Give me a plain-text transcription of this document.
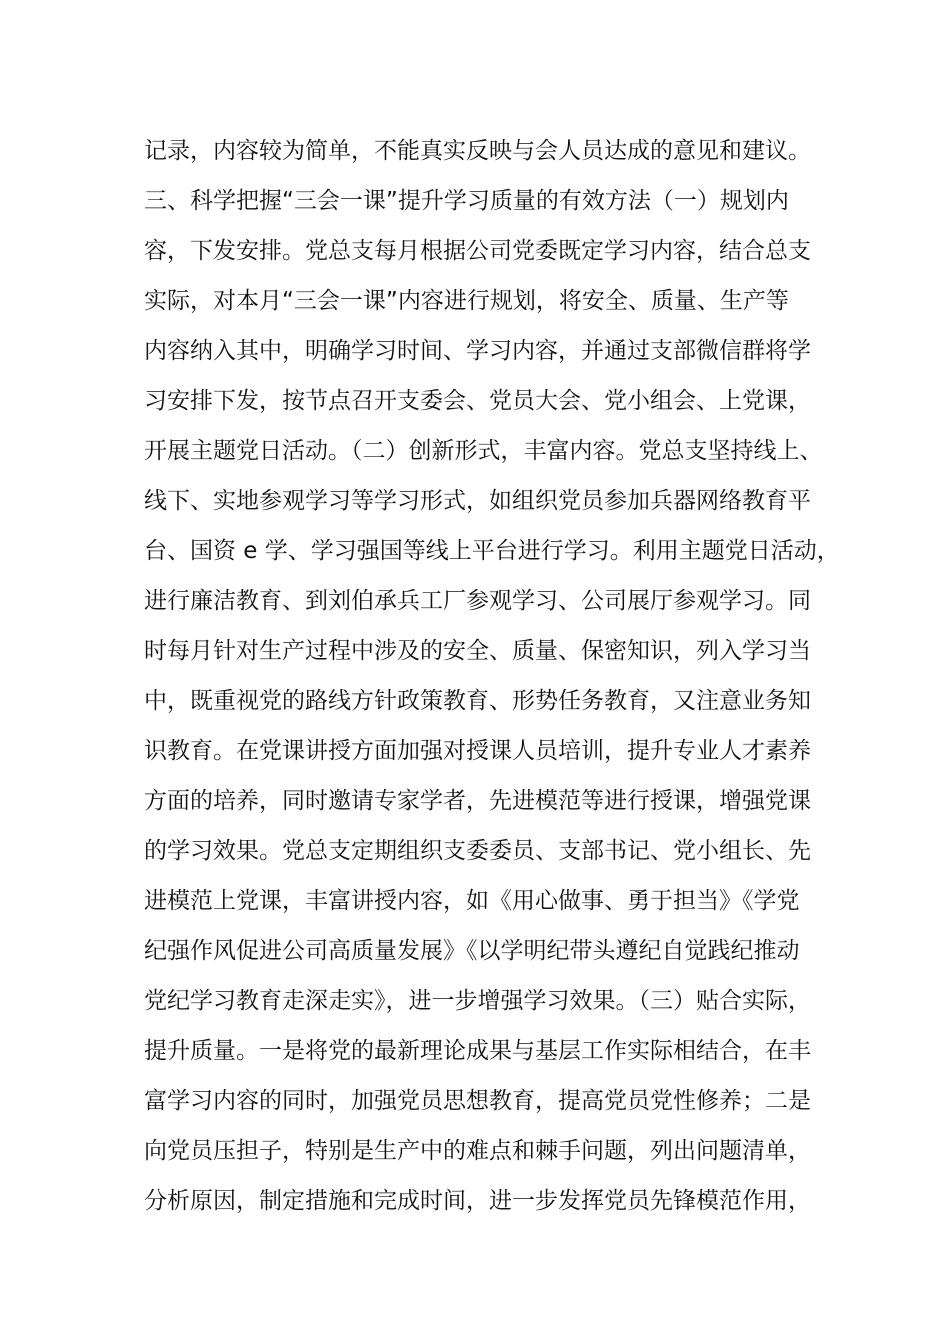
记录，内容较为简单，不能真实反映与会人员达成的意见和建议。
三、科学把握“三会一课”提升学习质量的有效方法（一）规划内
容，下发安排。党总支每月根据公司党委既定学习内容，结合总支
实际，对本月“三会一课”内容进行规划，将安全、质量、生产等
内容纳入其中，明确学习时间、学习内容，并通过支部微信群将学
习安排下发，按节点召开支委会、党员大会、党小组会、上党课，
开展主题党日活动。（二）创新形式，丰富内容。党总支坚持线上、
线下、实地参观学习等学习形式，如组织党员参加兵器网络教育平
台、国资 e 学、学习强国等线上平台进行学习。利用主题党日活动，
进行廉洁教育、到刘伯承兵工厂参观学习、公司展厅参观学习。同
时每月针对生产过程中涉及的安全、质量、保密知识，列入学习当
中，既重视党的路线方针政策教育、形势任务教育，又注意业务知
识教育。在党课讲授方面加强对授课人员培训，提升专业人才素养
方面的培养，同时邀请专家学者，先进模范等进行授课，增强党课
的学习效果。党总支定期组织支委委员、支部书记、党小组长、先
进模范上党课，丰富讲授内容，如《用心做事、勇于担当》《学党
纪强作风促进公司高质量发展》《以学明纪带头遵纪自觉践纪推动
党纪学习教育走深走实》，进一步增强学习效果。（三）贴合实际，
提升质量。一是将党的最新理论成果与基层工作实际相结合，在丰
富学习内容的同时，加强党员思想教育，提高党员党性修养；二是
向党员压担子，特别是生产中的难点和棘手问题，列出问题清单，
分析原因，制定措施和完成时间，进一步发挥党员先锋模范作用，
